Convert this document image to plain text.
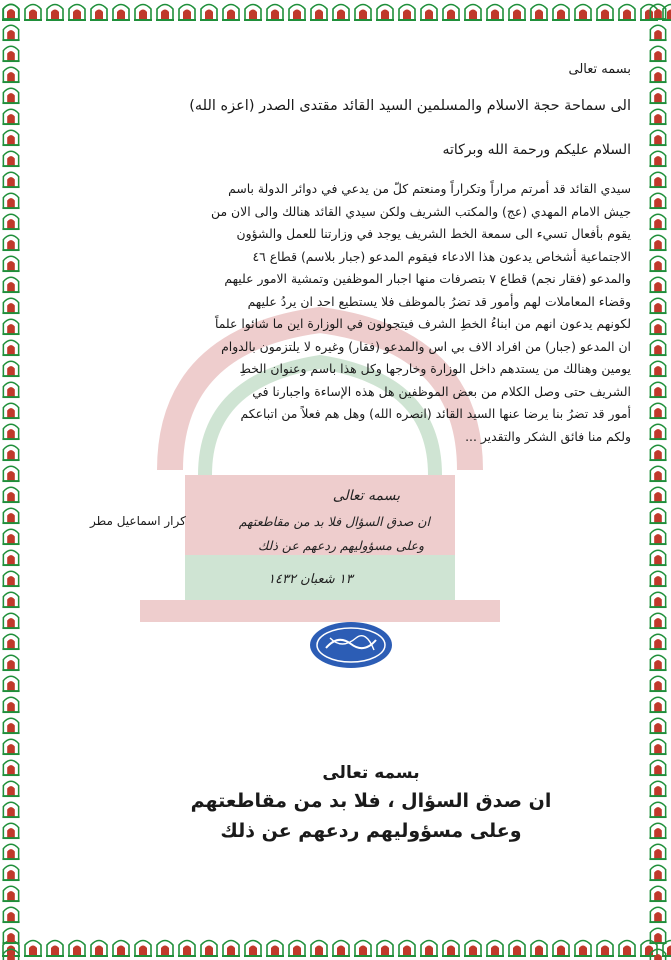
بسمه تعالى
الى سماحة حجة الاسلام والمسلمين السيد القائد مقتدى الصدر (اعزه الله)
السلام عليكم ورحمة الله وبركاته
سيدي القائد قد أمرتم مراراً وتكراراً ومنعتم كلّ من يدعي في دوائر الدولة باسم
جيش الامام المهدي (عج) والمكتب الشريف ولكن سيدي القائد هنالك والى الان من
يقوم بأفعال تسيء الى سمعة الخط الشريف يوجد في وزارتنا للعمل والشؤون
الاجتماعية أشخاص يدعون هذا الادعاء فيقوم المدعو (جبار بلاسم) قطاع ٤٦
والمدعو (فقار نجم) قطاع ٧ بتصرفات منها اجبار الموظفين وتمشية الامور عليهم
وقضاء المعاملات لهم وأمور قد تضرُ بالموظف فلا يستطيع احد ان يردُ عليهم
لكونهم يدعون انهم من ابناءُ الخطِ الشرف فيتجولون في الوزارة اين ما شائوا علماً
ان المدعو (جبار) من افراد الاف بي اس والمدعو (فقار) وغيره لا يلتزمون بالدوام
يومين وهنالك من يستدهم داخل الوزارة وخارجها وكل هذا باسم وعنوان الخطِ
الشريف حتى وصل الكلام من بعض الموظفين هل هذه الإساءة واجبارنا في
أمور قد تضرُ بنا يرضا عنها السيد القائد (انصره الله) وهل هم فعلاً من اتباعكم
ولكم منا فائق الشكر والتقدير ...
كرار اسماعيل مطر
بسمه تعالى
ان صدق السؤال فلا بد من مقاطعتهم
وعلى مسؤوليهم ردعهم عن ذلك
١٣ شعبان ١٤٣٢
بسمه تعالى
ان صدق السؤال ، فلا بد من مقاطعتهم
وعلى مسؤوليهم ردعهم عن ذلك
